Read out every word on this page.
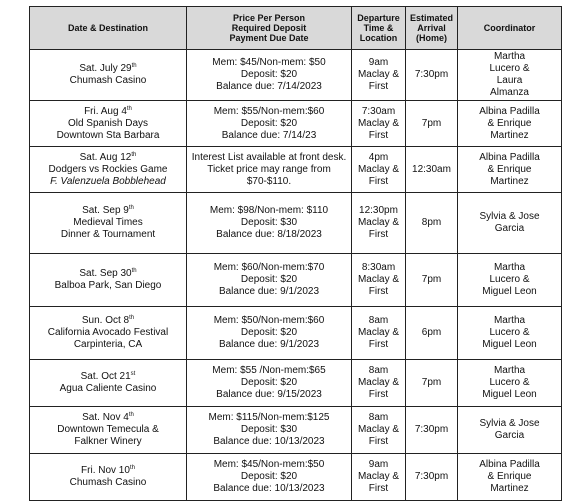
Date & Destination	Price Per Person
Required Deposit
Payment Due Date	Departure
Time &
Location	Estimated
Arrival
(Home)	Coordinator

Sat. July 29th
Chumash Casino	Mem: $45/Non-mem: $50
Deposit: $20
Balance due: 7/14/2023	9am
Maclay &
First	7:30pm	Martha
Lucero &
Laura
Almanza

Fri. Aug 4th
Old Spanish Days
Downtown Sta Barbara	Mem: $55/Non-mem:$60
Deposit: $20
Balance due: 7/14/23	7:30am
Maclay &
First	7pm	Albina Padilla
& Enrique
Martinez

Sat. Aug 12th
Dodgers vs Rockies Game
F. Valenzuela Bobblehead	Interest List available at front desk. Ticket price may range from $70-$110.	4pm
Maclay &
First	12:30am	Albina Padilla
& Enrique
Martinez

Sat. Sep 9th
Medieval Times
Dinner & Tournament	Mem: $98/Non-mem: $110
Deposit: $30
Balance due: 8/18/2023	12:30pm
Maclay &
First	8pm	Sylvia & Jose
Garcia

Sat. Sep 30th
Balboa Park, San Diego	Mem: $60/Non-mem:$70
Deposit: $20
Balance due: 9/1/2023	8:30am
Maclay &
First	7pm	Martha
Lucero &
Miguel Leon

Sun. Oct 8th
California Avocado Festival
Carpinteria, CA	Mem: $50/Non-mem:$60
Deposit: $20
Balance due: 9/1/2023	8am
Maclay &
First	6pm	Martha
Lucero &
Miguel Leon

Sat. Oct 21st
Agua Caliente Casino	Mem: $55 /Non-mem:$65
Deposit: $20
Balance due: 9/15/2023	8am
Maclay &
First	7pm	Martha
Lucero &
Miguel Leon

Sat. Nov 4th
Downtown Temecula &
Falkner Winery	Mem: $115/Non-mem:$125
Deposit: $30
Balance due: 10/13/2023	8am
Maclay &
First	7:30pm	Sylvia & Jose
Garcia

Fri. Nov 10th
Chumash Casino	Mem: $45/Non-mem:$50
Deposit: $20
Balance due: 10/13/2023	9am
Maclay &
First	7:30pm	Albina Padilla
& Enrique
Martinez
